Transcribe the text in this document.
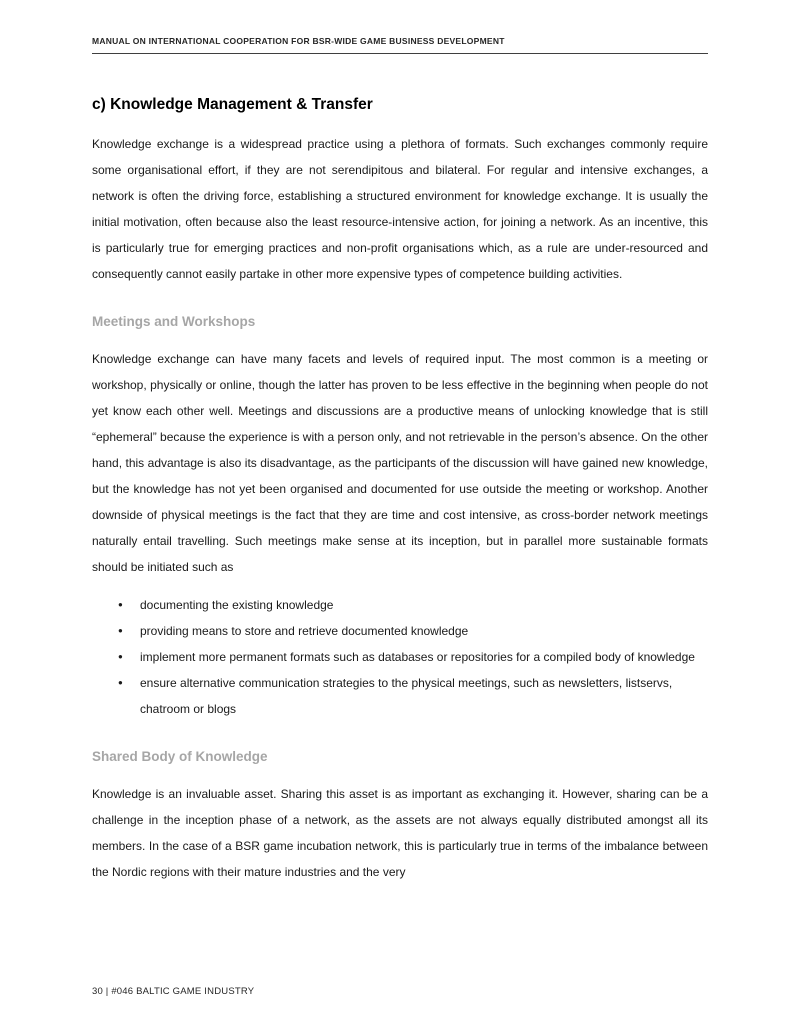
MANUAL ON INTERNATIONAL COOPERATION FOR BSR-WIDE GAME BUSINESS DEVELOPMENT
c) Knowledge Management & Transfer

Knowledge exchange is a widespread practice using a plethora of formats. Such exchanges commonly require some organisational effort, if they are not serendipitous and bilateral. For regular and intensive exchanges, a network is often the driving force, establishing a structured environment for knowledge exchange. It is usually the initial motivation, often because also the least resource-intensive action, for joining a network. As an incentive, this is particularly true for emerging practices and non-profit organisations which, as a rule are under-resourced and consequently cannot easily partake in other more expensive types of competence building activities.

Meetings and Workshops

Knowledge exchange can have many facets and levels of required input. The most common is a meeting or workshop, physically or online, though the latter has proven to be less effective in the beginning when people do not yet know each other well. Meetings and discussions are a productive means of unlocking knowledge that is still “ephemeral” because the experience is with a person only, and not retrievable in the person’s absence. On the other hand, this advantage is also its disadvantage, as the participants of the discussion will have gained new knowledge, but the knowledge has not yet been organised and documented for use outside the meeting or workshop. Another downside of physical meetings is the fact that they are time and cost intensive, as cross-border network meetings naturally entail travelling. Such meetings make sense at its inception, but in parallel more sustainable formats should be initiated such as

● documenting the existing knowledge
● providing means to store and retrieve documented knowledge
● implement more permanent formats such as databases or repositories for a compiled body of knowledge
● ensure alternative communication strategies to the physical meetings, such as newsletters, listservs, chatroom or blogs
Shared Body of Knowledge

Knowledge is an invaluable asset. Sharing this asset is as important as exchanging it. However, sharing can be a challenge in the inception phase of a network, as the assets are not always equally distributed amongst all its members. In the case of a BSR game incubation network, this is particularly true in terms of the imbalance between the Nordic regions with their mature industries and the very

30 | #046 BALTIC GAME INDUSTRY
